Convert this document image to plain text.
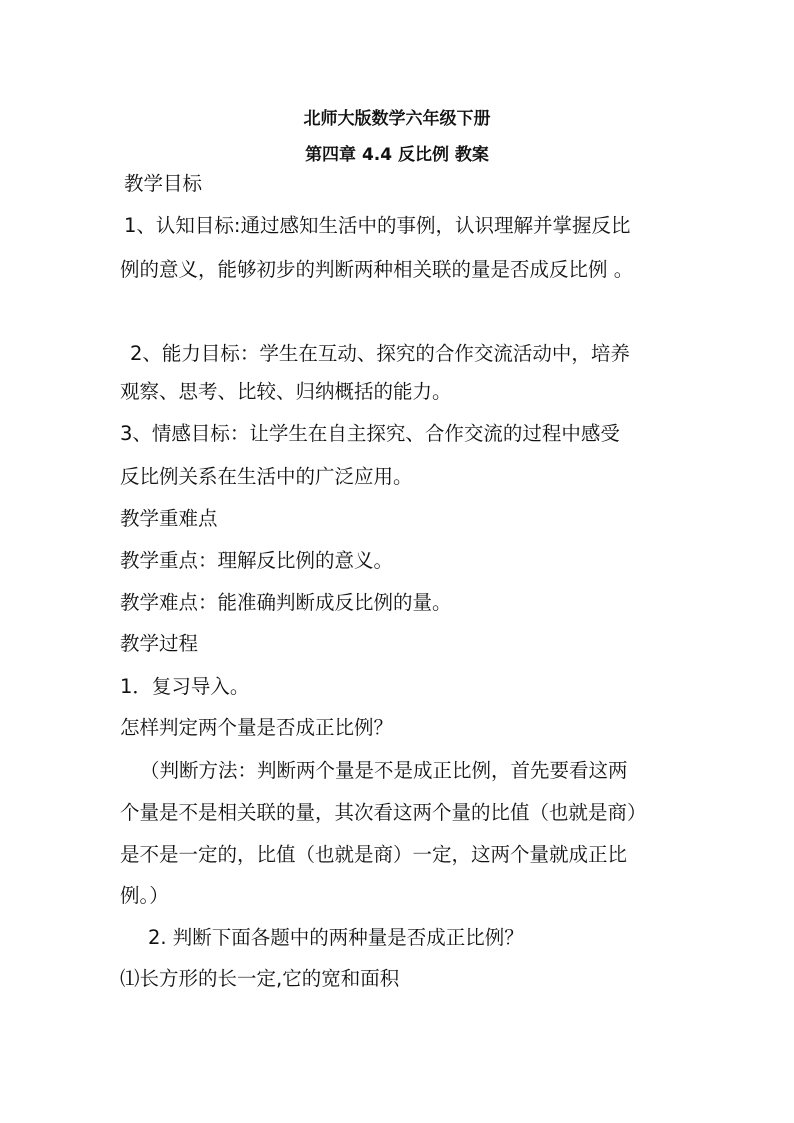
北师大版数学六年级下册
第四章 4.4 反比例 教案
教学目标
1、认知目标:通过感知生活中的事例，认识理解并掌握反比
例的意义，能够初步的判断两种相关联的量是否成反比例 。
2、能力目标：学生在互动、探究的合作交流活动中，培养
观察、思考、比较、归纳概括的能力。
3、情感目标：让学生在自主探究、合作交流的过程中感受
反比例关系在生活中的广泛应用。
教学重难点
教学重点：理解反比例的意义。
教学难点：能准确判断成反比例的量。
教学过程
1．复习导入。
怎样判定两个量是否成正比例？
（判断方法：判断两个量是不是成正比例，首先要看这两
个量是不是相关联的量，其次看这两个量的比值（也就是商）
是不是一定的，比值（也就是商）一定，这两个量就成正比
例。）
2. 判断下面各题中的两种量是否成正比例？
⑴长方形的长一定,它的宽和面积
